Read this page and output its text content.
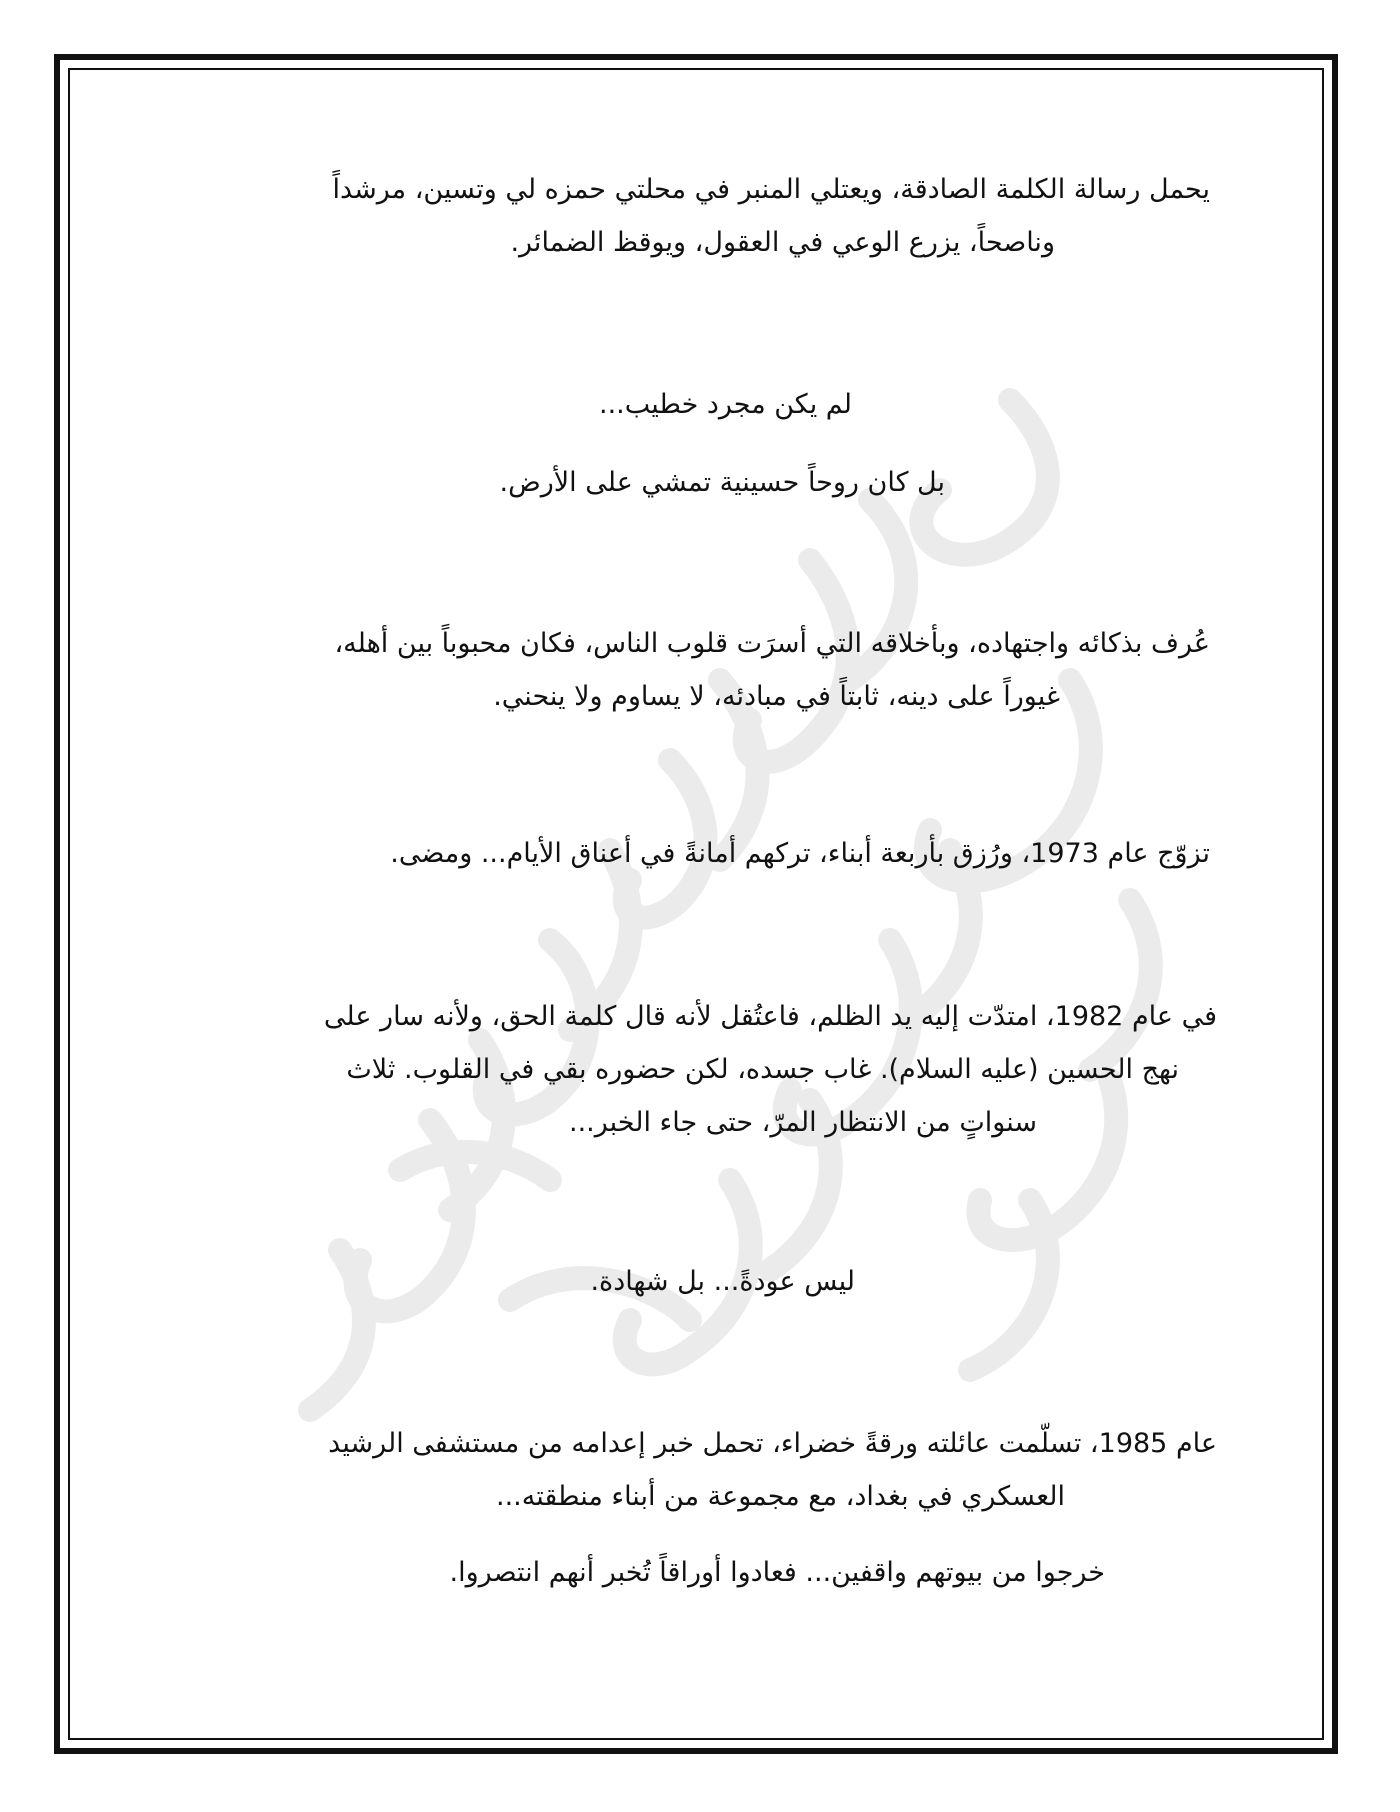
يحمل رسالة الكلمة الصادقة، ويعتلي المنبر في محلتي حمزه لي وتسين، مرشداً
وناصحاً، يزرع الوعي في العقول، ويوقظ الضمائر.

لم يكن مجرد خطيب...

بل كان روحاً حسينية تمشي على الأرض.

عُرف بذكائه واجتهاده، وبأخلاقه التي أسرَت قلوب الناس، فكان محبوباً بين أهله،
غيوراً على دينه، ثابتاً في مبادئه، لا يساوم ولا ينحني.

تزوّج عام 1973، ورُزق بأربعة أبناء، تركهم أمانةً في أعناق الأيام... ومضى.

في عام 1982، امتدّت إليه يد الظلم، فاعتُقل لأنه قال كلمة الحق، ولأنه سار على
نهج الحسين (عليه السلام). غاب جسده، لكن حضوره بقي في القلوب. ثلاث
سنواتٍ من الانتظار المرّ، حتى جاء الخبر...

ليس عودةً... بل شهادة.

عام 1985، تسلّمت عائلته ورقةً خضراء، تحمل خبر إعدامه من مستشفى الرشيد
العسكري في بغداد، مع مجموعة من أبناء منطقته...

خرجوا من بيوتهم واقفين... فعادوا أوراقاً تُخبر أنهم انتصروا.
